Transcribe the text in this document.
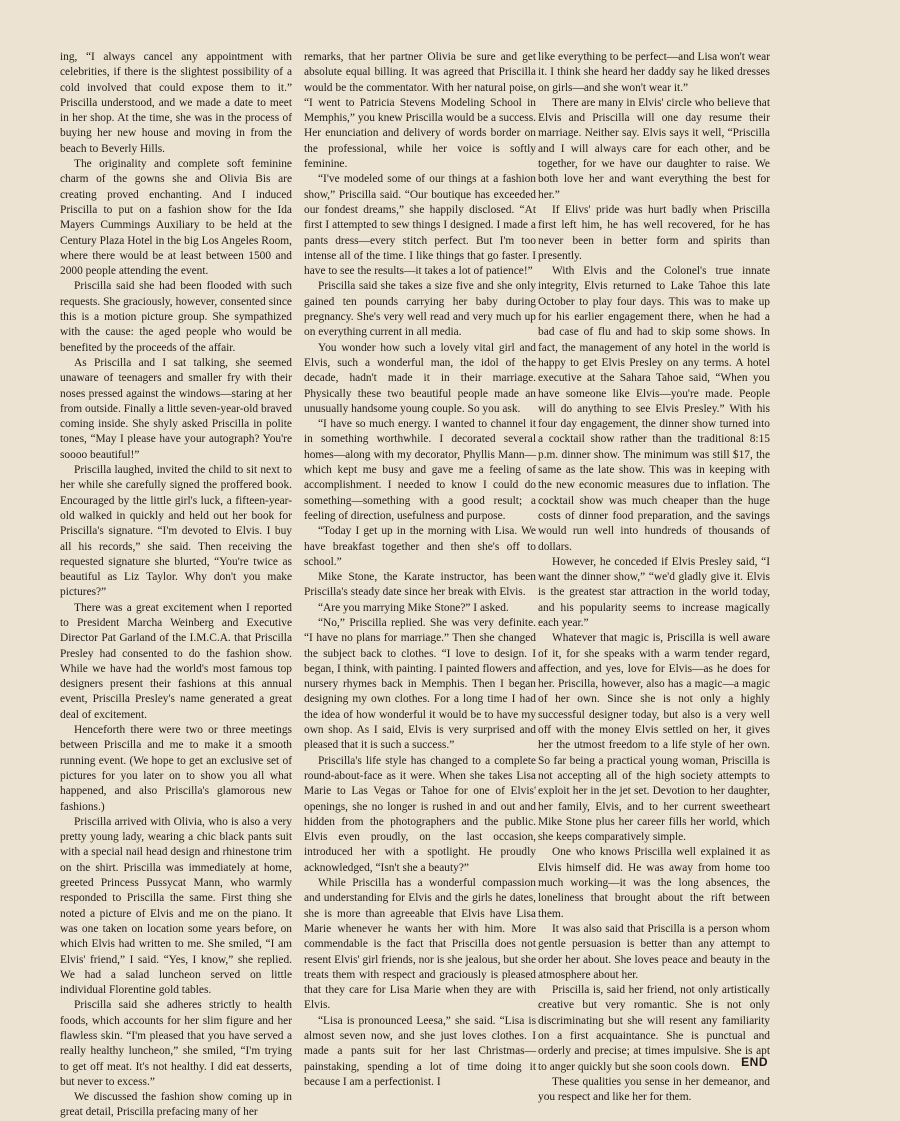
ing, “I always cancel any appointment with celebrities, if there is the slightest possibility of a cold involved that could expose them to it.” Priscilla understood, and we made a date to meet in her shop. At the time, she was in the process of buying her new house and moving in from the beach to Beverly Hills.

The originality and complete soft feminine charm of the gowns she and Olivia Bis are creating proved enchanting. And I induced Priscilla to put on a fashion show for the Ida Mayers Cummings Auxiliary to be held at the Century Plaza Hotel in the big Los Angeles Room, where there would be at least between 1500 and 2000 people attending the event.

Priscilla said she had been flooded with such requests. She graciously, however, consented since this is a motion picture group. She sympathized with the cause: the aged people who would be benefited by the proceeds of the affair.

As Priscilla and I sat talking, she seemed unaware of teenagers and smaller fry with their noses pressed against the windows—staring at her from outside. Finally a little seven-year-old braved coming inside. She shyly asked Priscilla in polite tones, “May I please have your autograph? You're soooo beautiful!”

Priscilla laughed, invited the child to sit next to her while she carefully signed the proffered book. Encouraged by the little girl's luck, a fifteen-year-old walked in quickly and held out her book for Priscilla's signature. “I'm devoted to Elvis. I buy all his records,” she said. Then receiving the requested signature she blurted, “You're twice as beautiful as Liz Taylor. Why don't you make pictures?”

There was a great excitement when I reported to President Marcha Weinberg and Executive Director Pat Garland of the I.M.C.A. that Priscilla Presley had consented to do the fashion show. While we have had the world's most famous top designers present their fashions at this annual event, Priscilla Presley's name generated a great deal of excitement.

Henceforth there were two or three meetings between Priscilla and me to make it a smooth running event. (We hope to get an exclusive set of pictures for you later on to show you all what happened, and also Priscilla's glamorous new fashions.)

Priscilla arrived with Olivia, who is also a very pretty young lady, wearing a chic black pants suit with a special nail head design and rhinestone trim on the shirt. Priscilla was immediately at home, greeted Princess Pussycat Mann, who warmly responded to Priscilla the same. First thing she noted a picture of Elvis and me on the piano. It was one taken on location some years before, on which Elvis had written to me. She smiled, “I am Elvis' friend,” I said. “Yes, I know,” she replied. We had a salad luncheon served on little individual Florentine gold tables.

Priscilla said she adheres strictly to health foods, which accounts for her slim figure and her flawless skin. “I'm pleased that you have served a really healthy luncheon,” she smiled, “I'm trying to get off meat. It's not healthy. I did eat desserts, but never to excess.”

We discussed the fashion show coming up in great detail, Priscilla prefacing many of her

remarks, that her partner Olivia be sure and get absolute equal billing. It was agreed that Priscilla would be the commentator. With her natural poise, “I went to Patricia Stevens Modeling School in Memphis,” you knew Priscilla would be a success. Her enunciation and delivery of words border on the professional, while her voice is softly feminine.

“I've modeled some of our things at a fashion show,” Priscilla said. “Our boutique has exceeded our fondest dreams,” she happily disclosed. “At first I attempted to sew things I designed. I made a pants dress—every stitch perfect. But I'm too intense all of the time. I like things that go faster. I have to see the results—it takes a lot of patience!”

Priscilla said she takes a size five and she only gained ten pounds carrying her baby during pregnancy. She's very well read and very much up on everything current in all media.

You wonder how such a lovely vital girl and Elvis, such a wonderful man, the idol of the decade, hadn't made it in their marriage. Physically these two beautiful people made an unusually handsome young couple. So you ask.

“I have so much energy. I wanted to channel it in something worthwhile. I decorated several homes—along with my decorator, Phyllis Mann—which kept me busy and gave me a feeling of accomplishment. I needed to know I could do something—something with a good result; a feeling of direction, usefulness and purpose.

“Today I get up in the morning with Lisa. We have breakfast together and then she's off to school.”

Mike Stone, the Karate instructor, has been Priscilla's steady date since her break with Elvis.

“Are you marrying Mike Stone?” I asked.

“No,” Priscilla replied. She was very definite. “I have no plans for marriage.” Then she changed the subject back to clothes. “I love to design. I began, I think, with painting. I painted flowers and nursery rhymes back in Memphis. Then I began designing my own clothes. For a long time I had the idea of how wonderful it would be to have my own shop. As I said, Elvis is very surprised and pleased that it is such a success.”

Priscilla's life style has changed to a complete round-about-face as it were. When she takes Lisa Marie to Las Vegas or Tahoe for one of Elvis' openings, she no longer is rushed in and out and hidden from the photographers and the public. Elvis even proudly, on the last occasion, introduced her with a spotlight. He proudly acknowledged, “Isn't she a beauty?”

While Priscilla has a wonderful compassion and understanding for Elvis and the girls he dates, she is more than agreeable that Elvis have Lisa Marie whenever he wants her with him. More commendable is the fact that Priscilla does not resent Elvis' girl friends, nor is she jealous, but she treats them with respect and graciously is pleased that they care for Lisa Marie when they are with Elvis.

“Lisa is pronounced Leesa,” she said. “Lisa is almost seven now, and she just loves clothes. I made a pants suit for her last Christmas—painstaking, spending a lot of time doing it because I am a perfectionist. I

like everything to be perfect—and Lisa won't wear it. I think she heard her daddy say he liked dresses on girls—and she won't wear it.”

There are many in Elvis' circle who believe that Elvis and Priscilla will one day resume their marriage. Neither say. Elvis says it well, “Priscilla and I will always care for each other, and be together, for we have our daughter to raise. We both love her and want everything the best for her.”

If Elivs' pride was hurt badly when Priscilla first left him, he has well recovered, for he has never been in better form and spirits than presently.

With Elvis and the Colonel's true innate integrity, Elvis returned to Lake Tahoe this late October to play four days. This was to make up for his earlier engagement there, when he had a bad case of flu and had to skip some shows. In fact, the management of any hotel in the world is happy to get Elvis Presley on any terms. A hotel executive at the Sahara Tahoe said, “When you have someone like Elvis—you're made. People will do anything to see Elvis Presley.” With his four day engagement, the dinner show turned into a cocktail show rather than the traditional 8:15 p.m. dinner show. The minimum was still $17, the same as the late show. This was in keeping with the new economic measures due to inflation. The cocktail show was much cheaper than the huge costs of dinner food preparation, and the savings would run well into hundreds of thousands of dollars.

However, he conceded if Elvis Presley said, “I want the dinner show,” “we'd gladly give it. Elvis is the greatest star attraction in the world today, and his popularity seems to increase magically each year.”

Whatever that magic is, Priscilla is well aware of it, for she speaks with a warm tender regard, affection, and yes, love for Elvis—as he does for her. Priscilla, however, also has a magic—a magic of her own. Since she is not only a highly successful designer today, but also is a very well off with the money Elvis settled on her, it gives her the utmost freedom to a life style of her own. So far being a practical young woman, Priscilla is not accepting all of the high society attempts to exploit her in the jet set. Devotion to her daughter, her family, Elvis, and to her current sweetheart Mike Stone plus her career fills her world, which she keeps comparatively simple.

One who knows Priscilla well explained it as Elvis himself did. He was away from home too much working—it was the long absences, the loneliness that brought about the rift between them.

It was also said that Priscilla is a person whom gentle persuasion is better than any attempt to order her about. She loves peace and beauty in the atmosphere about her.

Priscilla is, said her friend, not only artistically creative but very romantic. She is not only discriminating but she will resent any familiarity on a first acquaintance. She is punctual and orderly and precise; at times impulsive. She is apt to anger quickly but she soon cools down.

These qualities you sense in her demeanor, and you respect and like her for them.

END
